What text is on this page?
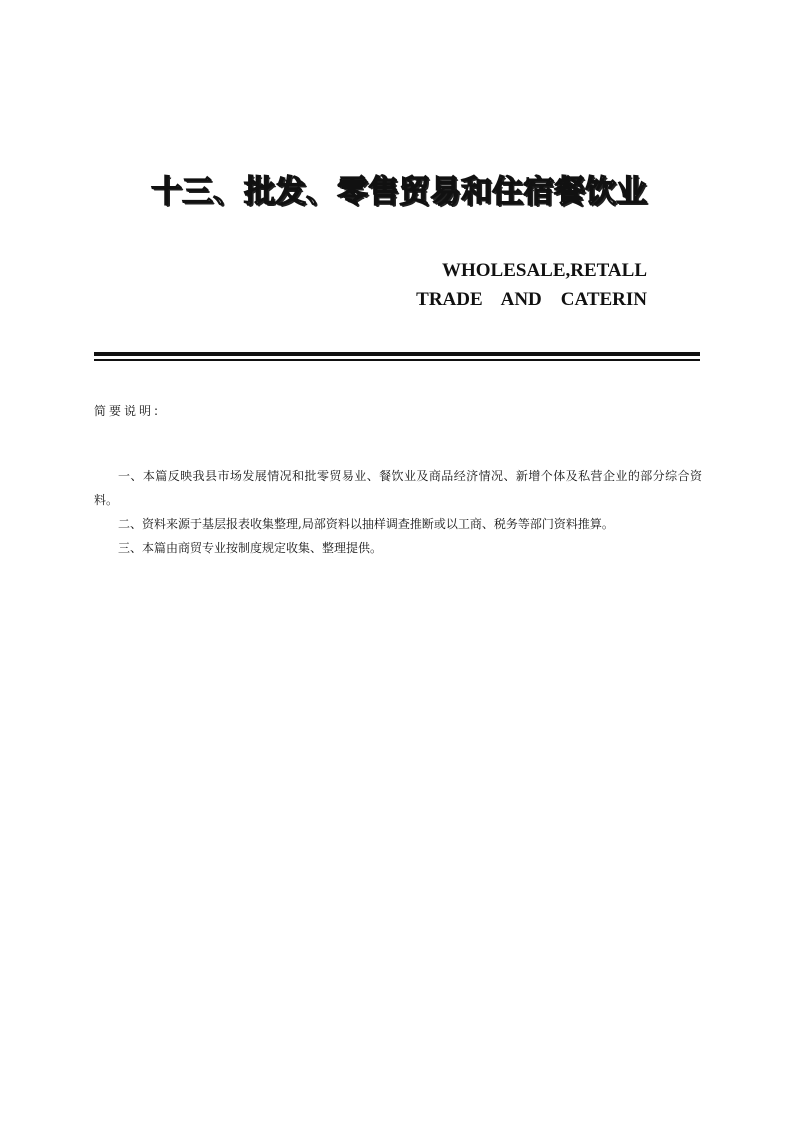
十三、批发、零售贸易和住宿餐饮业
WHOLESALE,RETALL
TRADE    AND    CATERIN
简要说明:

一、本篇反映我县市场发展情况和批零贸易业、餐饮业及商品经济情况、新增个体及私营企业的部分综合资料。

二、资料来源于基层报表收集整理,局部资料以抽样调查推断或以工商、税务等部门资料推算。

三、本篇由商贸专业按制度规定收集、整理提供。
